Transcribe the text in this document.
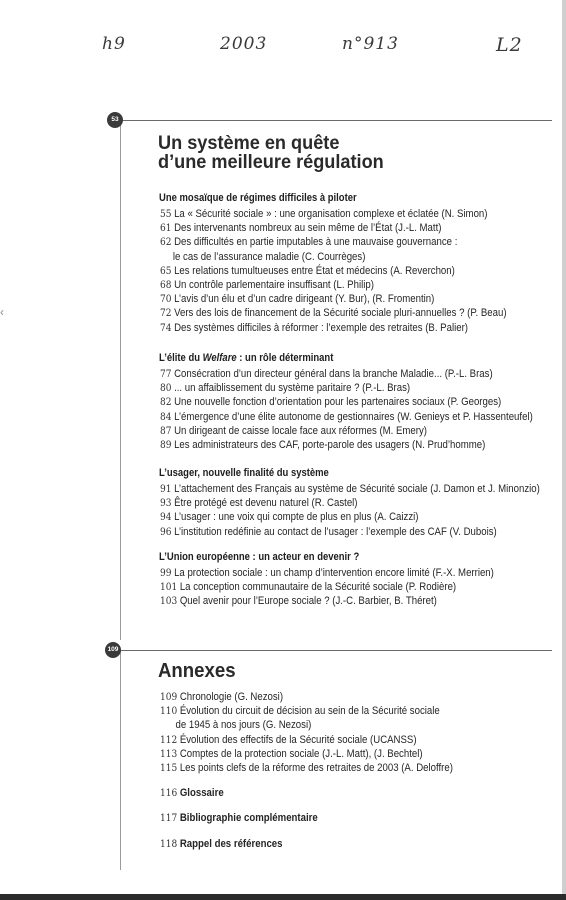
‹
h9	2003	n°913	L2
53
Un système en quête
d’une meilleure régulation
Une mosaïque de régimes difficiles à piloter
55 La « Sécurité sociale » : une organisation complexe et éclatée (N. Simon)
61 Des intervenants nombreux au sein même de l’État (J.-L. Matt)
62 Des difficultés en partie imputables à une mauvaise gouvernance :
le cas de l’assurance maladie (C. Courrèges)
65 Les relations tumultueuses entre État et médecins (A. Reverchon)
68 Un contrôle parlementaire insuffisant (L. Philip)
70 L’avis d’un élu et d’un cadre dirigeant (Y. Bur), (R. Fromentin)
72 Vers des lois de financement de la Sécurité sociale pluri-annuelles ? (P. Beau)
74 Des systèmes difficiles à réformer : l’exemple des retraites (B. Palier)
L’élite du Welfare : un rôle déterminant
77 Consécration d’un directeur général dans la branche Maladie... (P.-L. Bras)
80 ... un affaiblissement du système paritaire ? (P.-L. Bras)
82 Une nouvelle fonction d’orientation pour les partenaires sociaux (P. Georges)
84 L’émergence d’une élite autonome de gestionnaires (W. Genieys et P. Hassenteufel)
87 Un dirigeant de caisse locale face aux réformes (M. Emery)
89 Les administrateurs des CAF, porte-parole des usagers (N. Prud’homme)
L’usager, nouvelle finalité du système
91 L’attachement des Français au système de Sécurité sociale (J. Damon et J. Minonzio)
93 Être protégé est devenu naturel (R. Castel)
94 L’usager : une voix qui compte de plus en plus (A. Caizzi)
96 L’institution redéfinie au contact de l’usager : l’exemple des CAF (V. Dubois)
L’Union européenne : un acteur en devenir ?
99 La protection sociale : un champ d’intervention encore limité (F.-X. Merrien)
101 La conception communautaire de la Sécurité sociale (P. Rodière)
103 Quel avenir pour l’Europe sociale ? (J.-C. Barbier, B. Théret)
109
Annexes
109 Chronologie (G. Nezosi)
110 Évolution du circuit de décision au sein de la Sécurité sociale
de 1945 à nos jours (G. Nezosi)
112 Évolution des effectifs de la Sécurité sociale (UCANSS)
113 Comptes de la protection sociale (J.-L. Matt), (J. Bechtel)
115 Les points clefs de la réforme des retraites de 2003 (A. Deloffre)
116 Glossaire
117 Bibliographie complémentaire
118 Rappel des références
